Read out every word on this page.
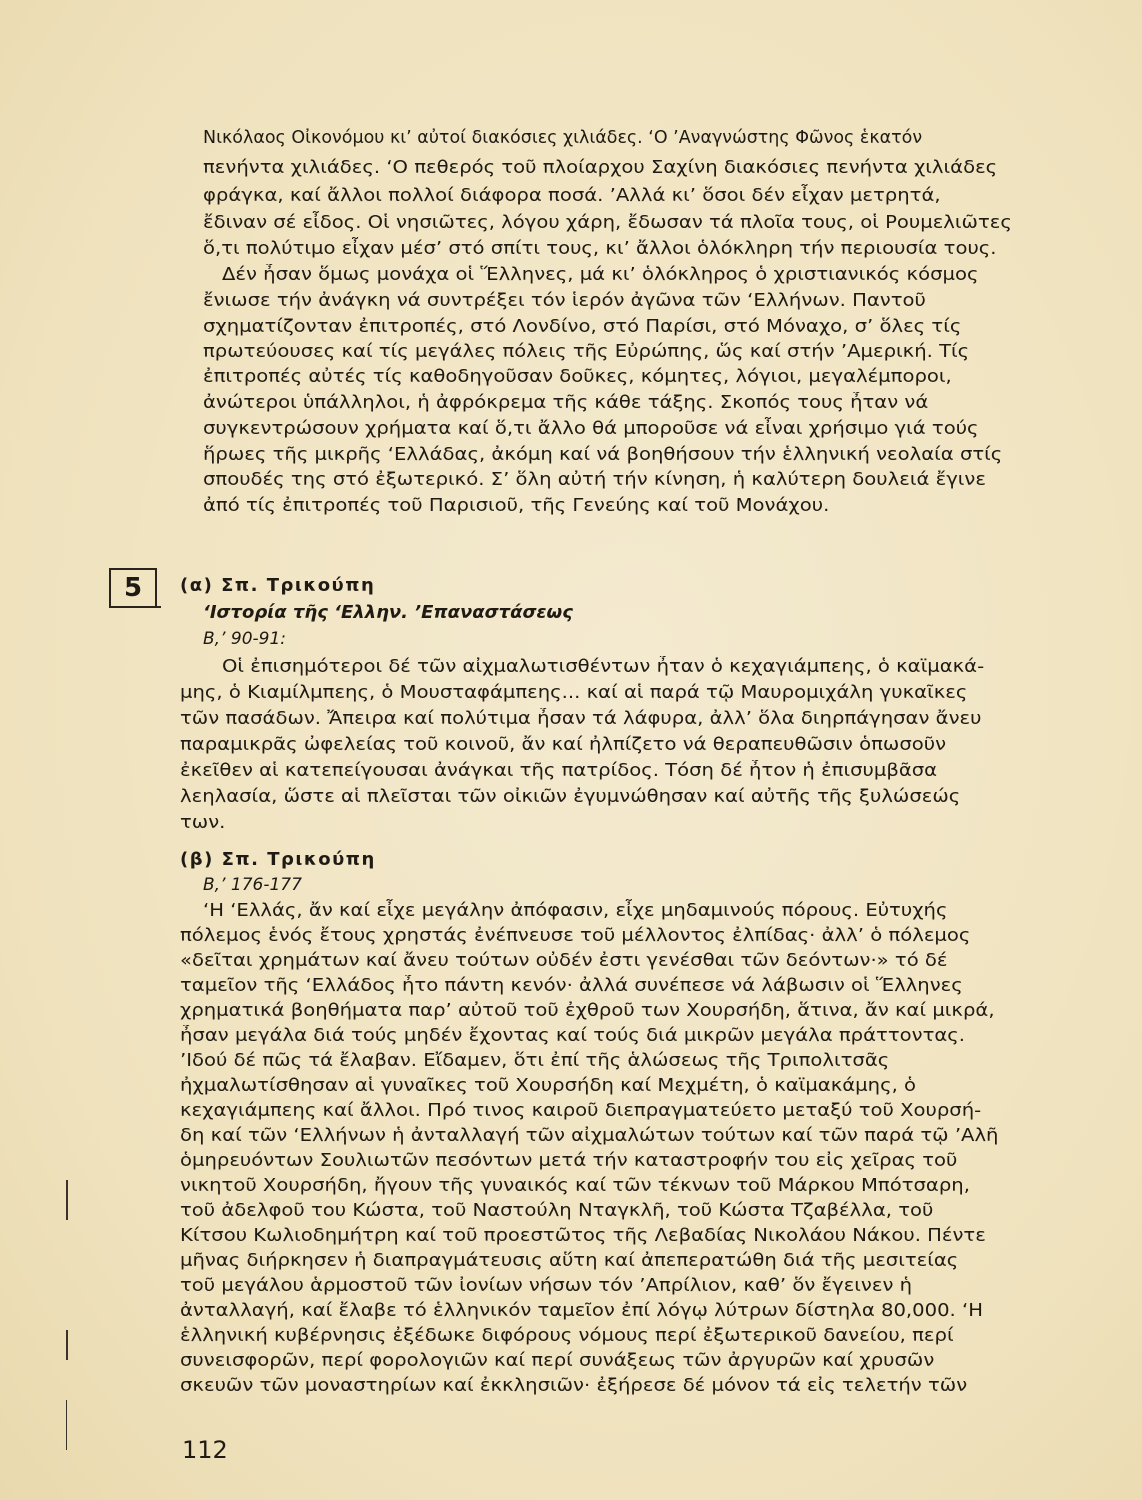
Νικόλαος Οἰκονόμου κι’ αὐτοί διακόσιες χιλιάδες. ‘Ο ’Αναγνώστης Φῶνος ἑκατόν
πενήντα χιλιάδες. ‘Ο πεθερός τοῦ πλοίαρχου Σαχίνη διακόσιες πενήντα χιλιάδες
φράγκα, καί ἄλλοι πολλοί διάφορα ποσά. ’Αλλά κι’ ὅσοι δέν εἶχαν μετρητά,
ἔδιναν σέ εἶδος. Οἱ νησιῶτες, λόγου χάρη, ἔδωσαν τά πλοῖα τους, οἱ Ρουμελιῶτες
ὅ,τι πολύτιμο εἶχαν μέσ’ στό σπίτι τους, κι’ ἄλλοι ὁλόκληρη τήν περιουσία τους.
Δέν ἦσαν ὅμως μονάχα οἱ Ἕλληνες, μά κι’ ὁλόκληρος ὁ χριστιανικός κόσμος
ἔνιωσε τήν ἀνάγκη νά συντρέξει τόν ἱερόν ἀγῶνα τῶν ‘Ελλήνων. Παντοῦ
σχηματίζονταν ἐπιτροπές, στό Λονδίνο, στό Παρίσι, στό Μόναχο, σ’ ὅλες τίς
πρωτεύουσες καί τίς μεγάλες πόλεις τῆς Εὐρώπης, ὥς καί στήν ’Αμερική. Τίς
ἐπιτροπές αὐτές τίς καθοδηγοῦσαν δοῦκες, κόμητες, λόγιοι, μεγαλέμποροι,
ἀνώτεροι ὑπάλληλοι, ἡ ἀφρόκρεμα τῆς κάθε τάξης. Σκοπός τους ἦταν νά
συγκεντρώσουν χρήματα καί ὅ,τι ἄλλο θά μποροῦσε νά εἶναι χρήσιμο γιά τούς
ἥρωες τῆς μικρῆς ‘Ελλάδας, ἀκόμη καί νά βοηθήσουν τήν ἑλληνική νεολαία στίς
σπουδές της στό ἐξωτερικό. Σ’ ὅλη αὐτή τήν κίνηση, ἡ καλύτερη δουλειά ἔγινε
ἀπό τίς ἐπιτροπές τοῦ Παρισιοῦ, τῆς Γενεύης καί τοῦ Μονάχου.
5	(α) Σπ. Τρικούπη
‘Ιστορία τῆς ‘Ελλην. ’Επαναστάσεως
Β,’ 90-91:
Οἱ ἐπισημότεροι δέ τῶν αἰχμαλωτισθέντων ἦταν ὁ κεχαγιάμπεης, ὁ καϊμακά-
μης, ὁ Κιαμίλμπεης, ὁ Μουσταφάμπεης... καί αἱ παρά τῷ Μαυρομιχάλη γυκαῖκες
τῶν πασάδων. Ἄπειρα καί πολύτιμα ἦσαν τά λάφυρα, ἀλλ’ ὅλα διηρπάγησαν ἄνευ
παραμικρᾶς ὠφελείας τοῦ κοινοῦ, ἄν καί ἠλπίζετο νά θεραπευθῶσιν ὁπωσοῦν
ἐκεῖθεν αἱ κατεπείγουσαι ἀνάγκαι τῆς πατρίδος. Τόση δέ ἦτον ἡ ἐπισυμβᾶσα
λεηλασία, ὥστε αἱ πλεῖσται τῶν οἰκιῶν ἐγυμνώθησαν καί αὐτῆς τῆς ξυλώσεώς
των.
(β) Σπ. Τρικούπη
Β,’ 176-177
‘Η ‘Ελλάς, ἄν καί εἶχε μεγάλην ἀπόφασιν, εἶχε μηδαμινούς πόρους. Εὐτυχής
πόλεμος ἑνός ἔτους χρηστάς ἐνέπνευσε τοῦ μέλλοντος ἐλπίδας· ἀλλ’ ὁ πόλεμος
«δεῖται χρημάτων καί ἄνευ τούτων οὐδέν ἐστι γενέσθαι τῶν δεόντων·» τό δέ
ταμεῖον τῆς ‘Ελλάδος ἦτο πάντη κενόν· ἀλλά συνέπεσε νά λάβωσιν οἱ Ἕλληνες
χρηματικά βοηθήματα παρ’ αὐτοῦ τοῦ ἐχθροῦ των Χουρσήδη, ἅτινα, ἄν καί μικρά,
ἦσαν μεγάλα διά τούς μηδέν ἔχοντας καί τούς διά μικρῶν μεγάλα πράττοντας.
’Ιδού δέ πῶς τά ἔλαβαν. Εἴδαμεν, ὅτι ἐπί τῆς ἁλώσεως τῆς Τριπολιτσᾶς
ἠχμαλωτίσθησαν αἱ γυναῖκες τοῦ Χουρσήδη καί Μεχμέτη, ὁ καϊμακάμης, ὁ
κεχαγιάμπεης καί ἄλλοι. Πρό τινος καιροῦ διεπραγματεύετο μεταξύ τοῦ Χουρσή-
δη καί τῶν ‘Ελλήνων ἡ ἀνταλλαγή τῶν αἰχμαλώτων τούτων καί τῶν παρά τῷ ’Αλῆ
ὁμηρευόντων Σουλιωτῶν πεσόντων μετά τήν καταστροφήν του εἰς χεῖρας τοῦ
νικητοῦ Χουρσήδη, ἤγουν τῆς γυναικός καί τῶν τέκνων τοῦ Μάρκου Μπότσαρη,
τοῦ ἀδελφοῦ του Κώστα, τοῦ Ναστούλη Νταγκλῆ, τοῦ Κώστα Τζαβέλλα, τοῦ
Κίτσου Κωλιοδημήτρη καί τοῦ προεστῶτος τῆς Λεβαδίας Νικολάου Νάκου. Πέντε
μῆνας διήρκησεν ἡ διαπραγμάτευσις αὕτη καί ἀπεπερατώθη διά τῆς μεσιτείας
τοῦ μεγάλου ἁρμοστοῦ τῶν ἰονίων νήσων τόν ’Απρίλιον, καθ’ ὅν ἔγεινεν ἡ
ἀνταλλαγή, καί ἔλαβε τό ἑλληνικόν ταμεῖον ἐπί λόγῳ λύτρων δίστηλα 80,000. ‘Η
ἑλληνική κυβέρνησις ἐξέδωκε διφόρους νόμους περί ἐξωτερικοῦ δανείου, περί
συνεισφορῶν, περί φορολογιῶν καί περί συνάξεως τῶν ἀργυρῶν καί χρυσῶν
σκευῶν τῶν μοναστηρίων καί ἐκκλησιῶν· ἐξήρεσε δέ μόνον τά εἰς τελετήν τῶν
112
